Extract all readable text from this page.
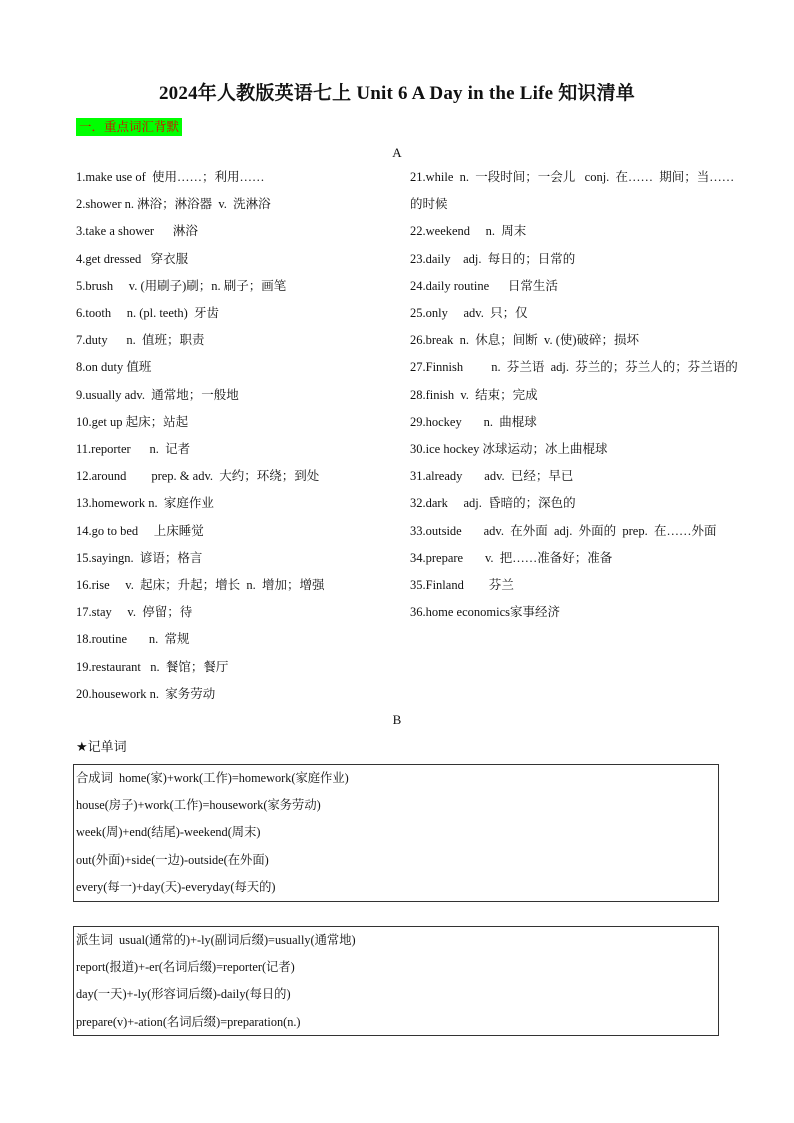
2024年人教版英语七上 Unit 6 A Day in the Life 知识清单
一．重点词汇背默
A
1.make use of  使用……；利用……
2.shower n. 淋浴；淋浴器  v.  洗淋浴
3.take a shower      淋浴
4.get dressed   穿衣服
5.brush     v. (用刷子)刷；n. 刷子；画笔
6.tooth     n. (pl. teeth)  牙齿
7.duty      n.  值班；职责
8.on duty 值班
9.usually adv.  通常地；一般地
10.get up 起床；站起
11.reporter      n.  记者
12.around        prep. & adv.  大约；环绕；到处
13.homework n.  家庭作业
14.go to bed     上床睡觉
15.sayingn.  谚语；格言
16.rise     v.  起床；升起；增长  n.  增加；增强
17.stay     v.  停留；待
18.routine       n.  常规
19.restaurant   n.  餐馆；餐厅
20.housework n.  家务劳动
21.while  n.  一段时间；一会儿   conj.  在……  期间；当……的时候
22.weekend     n.  周末
23.daily    adj.  每日的；日常的
24.daily routine      日常生活
25.only     adv.  只；仅
26.break  n.  休息；间断  v. (使)破碎；损坏
27.Finnish         n.  芬兰语  adj.  芬兰的；芬兰人的；芬兰语的
28.finish  v.  结束；完成
29.hockey       n.  曲棍球
30.ice hockey 冰球运动；冰上曲棍球
31.already       adv.  已经；早已
32.dark     adj.  昏暗的；深色的
33.outside       adv.  在外面  adj.  外面的  prep.  在……外面
34.prepare       v.  把……准备好；准备
35.Finland        芬兰
36.home economics家事经济
B
★记单词
合成词  home(家)+work(工作)=homework(家庭作业)
house(房子)+work(工作)=housework(家务劳动)
week(周)+end(结尾)-weekend(周末)
out(外面)+side(一边)-outside(在外面)
every(每一)+day(天)-everyday(每天的)
派生词  usual(通常的)+-ly(副词后缀)=usually(通常地)
report(报道)+-er(名词后缀)=reporter(记者)
day(一天)+-ly(形容词后缀)-daily(每日的)
prepare(v)+-ation(名词后缀)=preparation(n.)
